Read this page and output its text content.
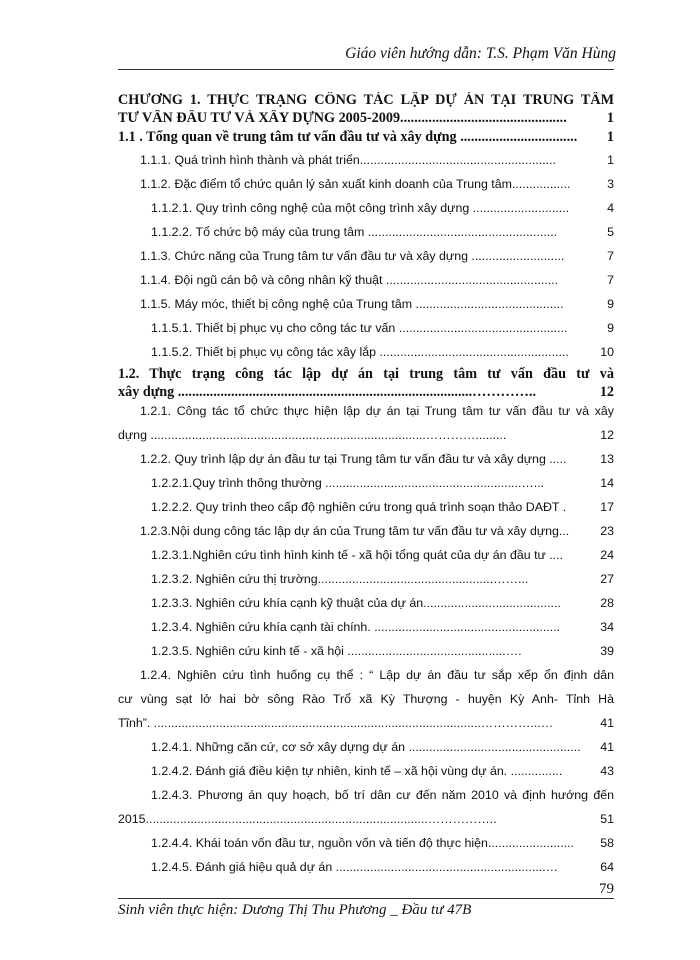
Giáo viên hướng dẫn: T.S. Phạm Văn Hùng
CHƯƠNG 1. THỰC TRẠNG CÔNG TÁC LẬP DỰ ÁN TẠI TRUNG TÂM
TƯ VẤN ĐẦU TƯ VÀ XÂY DỰNG 2005-2009...............................................	1
1.1 . Tổng quan về trung tâm tư vấn đầu tư và xây dựng ................................. 1
1.1.1. Quá trình hình thành và phát triển.........................................................	1
1.1.2. Đặc điểm tổ chức quản lý sản xuất kinh doanh của Trung tâm.................	3
1.1.2.1. Quy trình công nghệ của một công trình xây dựng ............................	4
1.1.2.2. Tổ chức bộ máy của trung tâm .......................................................	5
1.1.3. Chức năng của Trung tâm tư vấn đầu tư và xây dựng ...........................	7
1.1.4. Đội ngũ cán bộ và công nhân kỹ thuật ..................................................	7
1.1.5. Máy móc, thiết bị công nghệ của Trung tâm ...........................................	9
1.1.5.1. Thiết bị phục vụ cho công tác tư vấn .................................................	9
1.1.5.2. Thiết bị phục vụ công tác xây lắp .......................................................	10
1.2. Thực trạng công tác lập dự án tại trung tâm tư vấn đầu tư và
xây dựng ...................................................................................…………..	12
1.2.1. Công tác tổ chức thực hiện lập dự án tại Trung tâm tư vấn đầu tư và xây
dựng ................................................................................………….........	12
1.2.2. Quy trình lập dự án đầu tư tại Trung tâm tư vấn đầu tư và xây dựng .....	13
1.2.2.1.Quy trình thông thường .........................................................…...	14
1.2.2.2. Quy trình theo cấp độ nghiên cứu trong quá trình soạn thảo DAĐT .	17
1.2.3.Nội dung công tác lập dự án của Trung tâm tư vấn đầu tư và xây dựng... 23
1.2.3.1.Nghiên cứu tình hình kinh tế - xã hội tổng quát của dự án đầu tư ....	24
1.2.3.2. Nghiên cứu thị trường...................................................……...	27
1.2.3.3. Nghiên cứu khía cạnh kỹ thuật của dự án........................................	28
1.2.3.4. Nghiên cứu khía cạnh tài chính. ......................................................	34
1.2.3.5. Nghiên cứu kinh tế - xã hội ..............................................….	39
1.2.4. Nghiên cứu tình huống cụ thể : “ Lập dự án đầu tư sắp xếp ổn định dân
cư vùng sạt lở hai bờ sông Rào Trổ xã Kỳ Thượng - huyện Kỳ Anh- Tỉnh Hà
Tĩnh”. ...............................................................................................…………...…	41
1.2.4.1. Những căn cứ, cơ sở xây dựng dự án .................................................. 41
1.2.4.2. Đánh giá điều kiện tự nhiên, kinh tế – xã hội vùng dự án. ...............	43
1.2.4.3. Phương án quy hoạch, bố trí dân cư đến năm 2010 và định hướng đến
2015..................................................................................……………..	51
1.2.4.4. Khái toán vốn đầu tư, nguồn vốn và tiến độ thực hiện......................... 58
1.2.4.5. Đánh giá hiệu quả dự án .............................................................…	64
79
Sinh viên thực hiện: Dương Thị Thu Phương _ Đầu tư 47B
